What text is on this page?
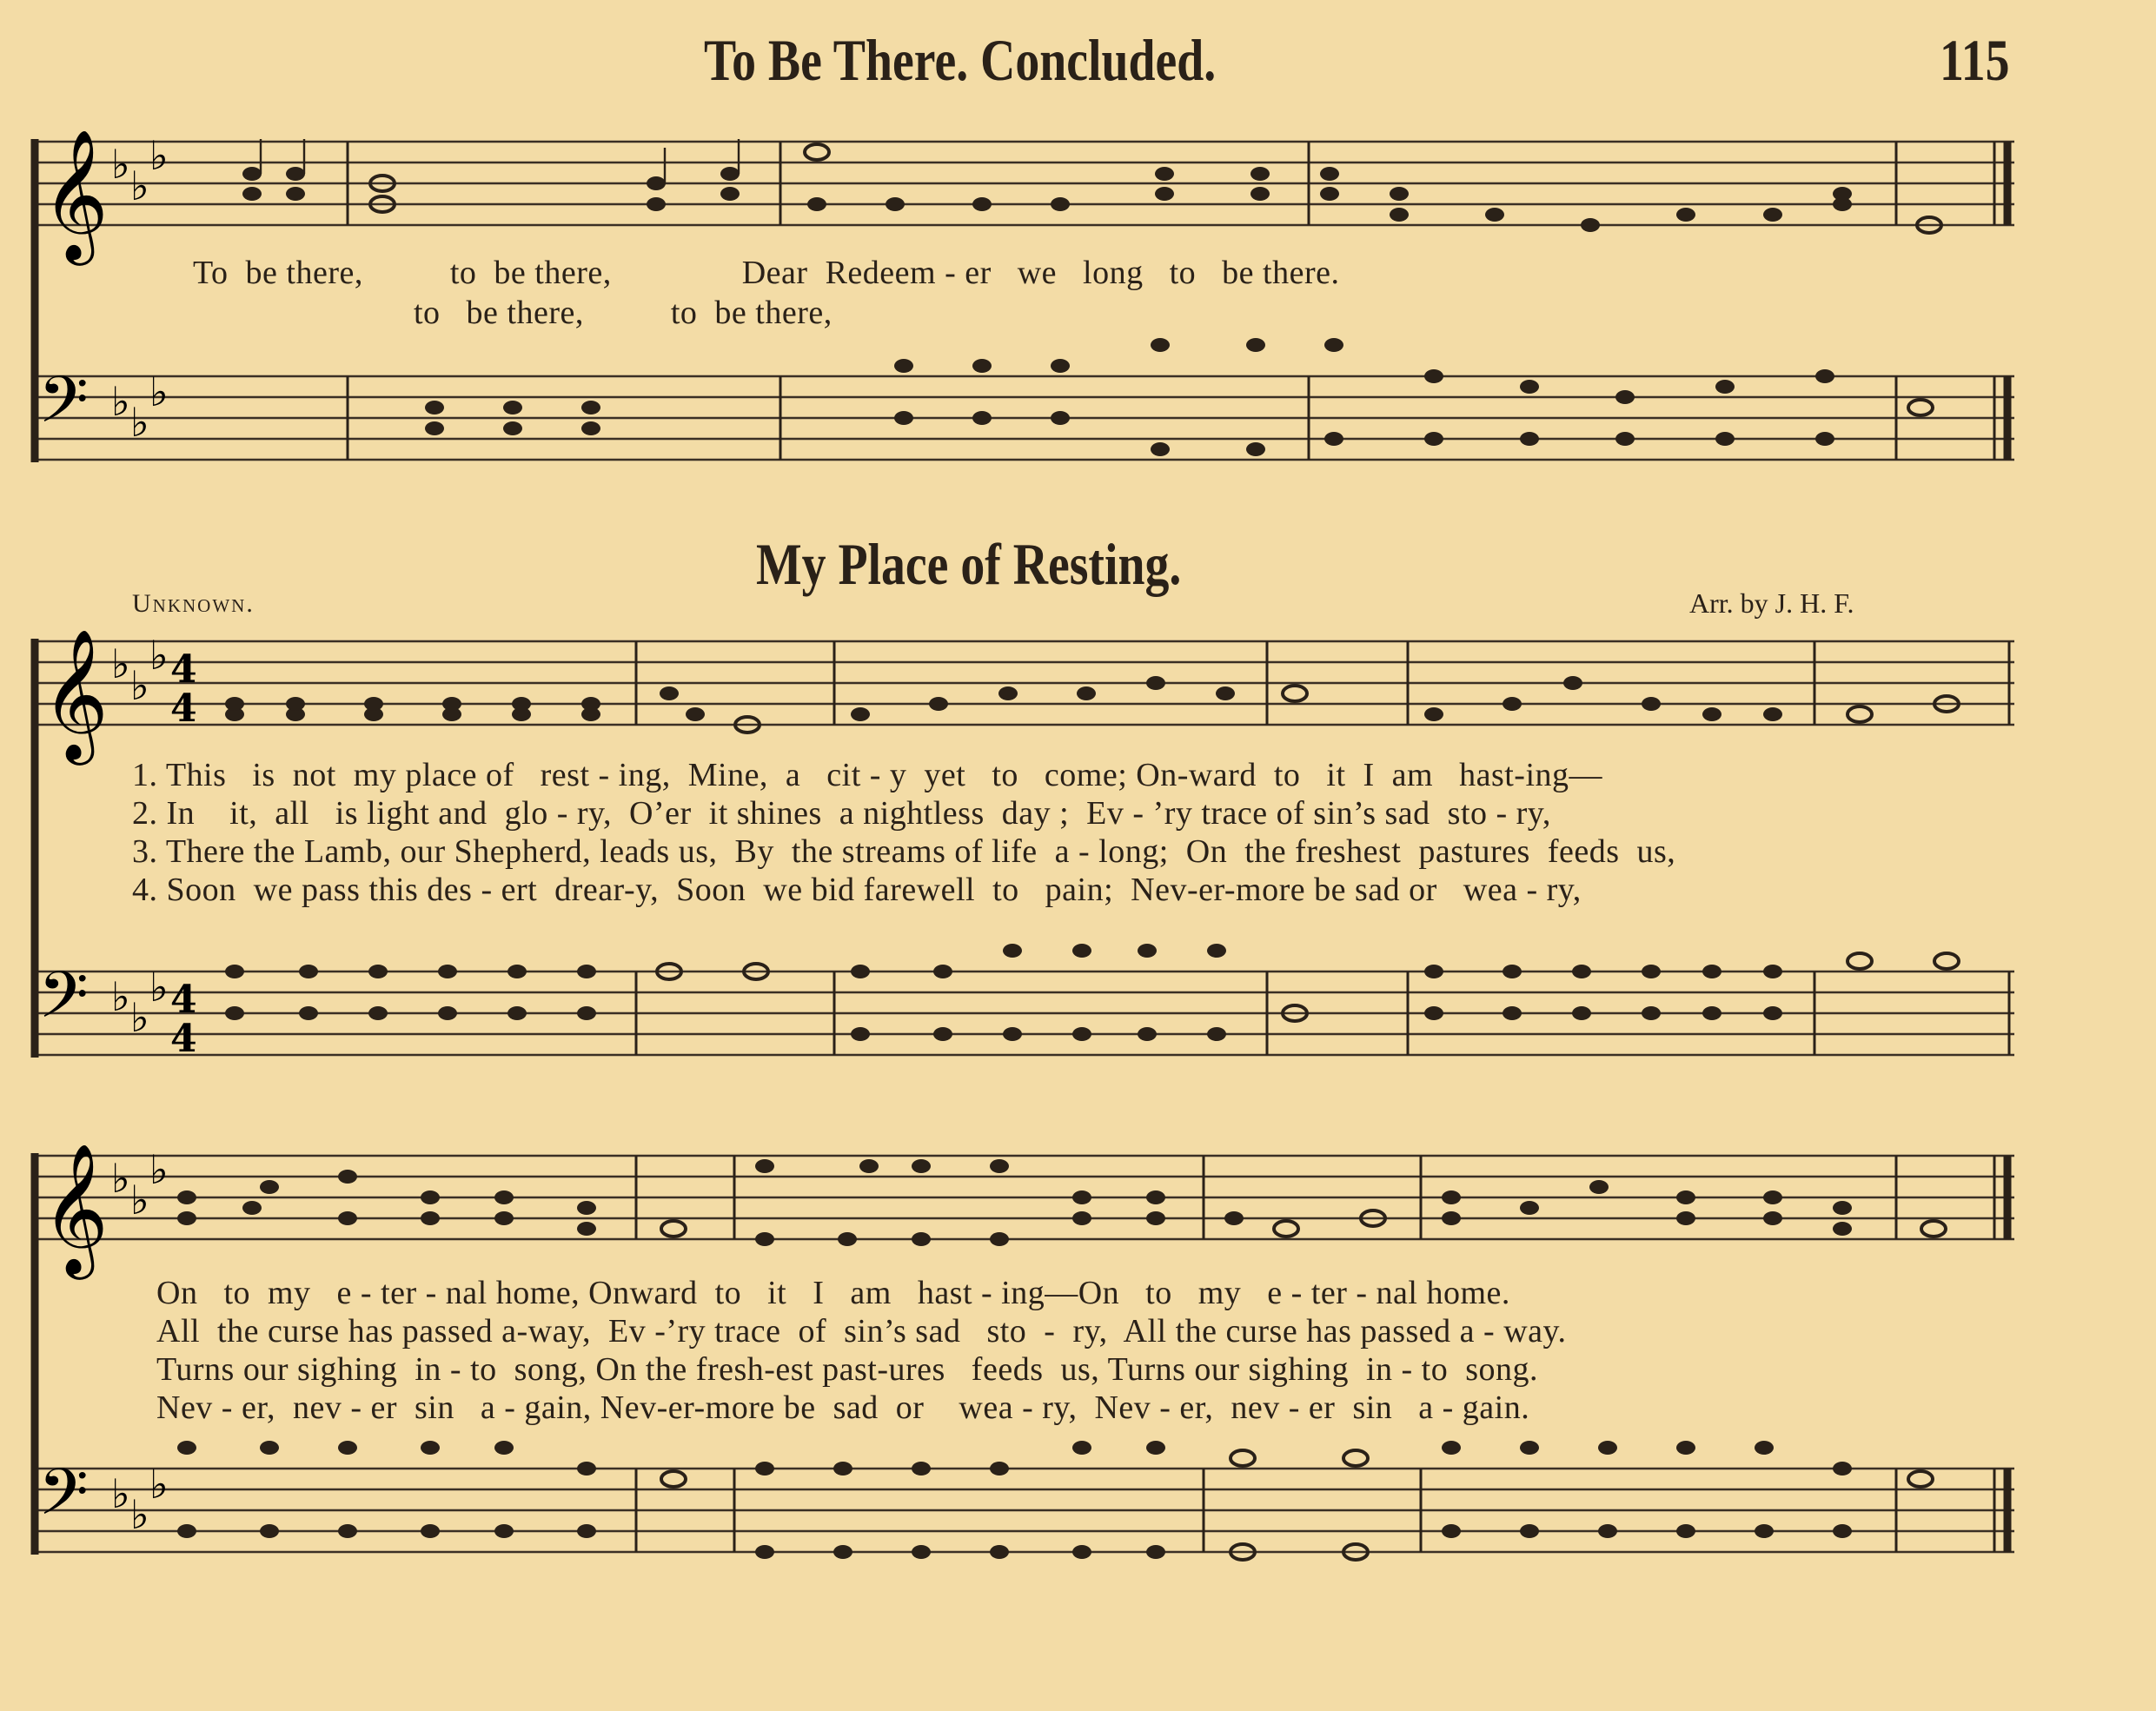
To Be There. Concluded.	115
𝄞 ♭ ♭
♭
𝄢 ♭ ♭
♭
𝄞 ♭ ♭
♭ 4
4
𝄢 ♭ ♭
♭ 4
4
𝄞 ♭ ♭
♭
𝄢 ♭ ♭
♭
To  be there,          to  be there,               Dear  Redeem - er   we   long   to   be there.
to   be there,          to  be there,
My Place of Resting.
Unknown.	Arr. by J. H. F.
1. This   is  not  my place of   rest - ing,  Mine,  a   cit - y  yet   to   come; On-ward  to   it  I  am   hast-ing—
2. In    it,  all   is light and  glo - ry,  O’er  it shines  a nightless  day ;  Ev - ’ry trace of sin’s sad  sto - ry,
3. There the Lamb, our Shepherd, leads us,  By  the streams of life  a - long;  On  the freshest  pastures  feeds  us,
4. Soon  we pass this des - ert  drear-y,  Soon  we bid farewell  to   pain;  Nev-er-more be sad or   wea - ry,
On   to  my   e - ter - nal home, Onward  to   it   I   am   hast - ing—On   to   my   e - ter - nal home.
All  the curse has passed a-way,  Ev -’ry trace  of  sin’s sad   sto  -  ry,  All the curse has passed a - way.
Turns our sighing  in - to  song, On the fresh-est past-ures   feeds  us, Turns our sighing  in - to  song.
Nev - er,  nev - er  sin   a - gain, Nev-er-more be  sad  or    wea - ry,  Nev - er,  nev - er  sin   a - gain.
